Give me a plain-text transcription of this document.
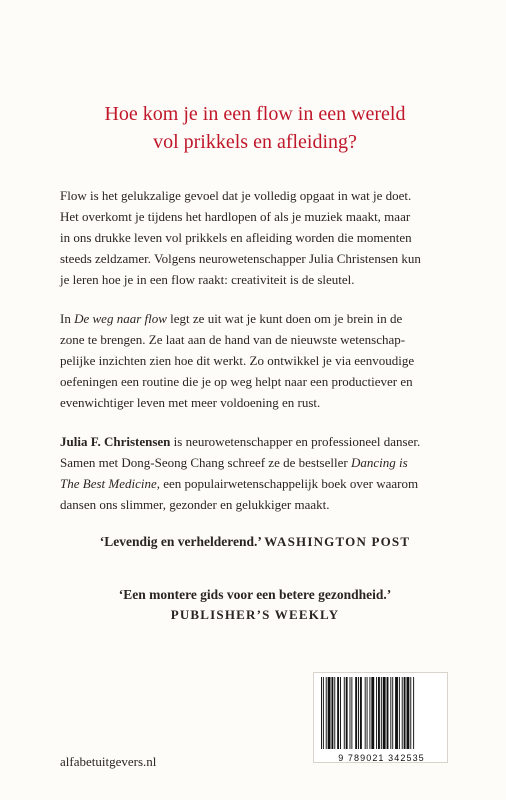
Hoe kom je in een flow in een wereld
vol prikkels en afleiding?
Flow is het gelukzalige gevoel dat je volledig opgaat in wat je doet.
Het overkomt je tijdens het hardlopen of als je muziek maakt, maar
in ons drukke leven vol prikkels en afleiding worden die momenten
steeds zeldzamer. Volgens neurowetenschapper Julia Christensen kun
je leren hoe je in een flow raakt: creativiteit is de sleutel.
In De weg naar flow legt ze uit wat je kunt doen om je brein in de
zone te brengen. Ze laat aan de hand van de nieuwste wetenschap-
pelijke inzichten zien hoe dit werkt. Zo ontwikkel je via eenvoudige
oefeningen een routine die je op weg helpt naar een productiever en
evenwichtiger leven met meer voldoening en rust.
Julia F. Christensen is neurowetenschapper en professioneel danser.
Samen met Dong-Seong Chang schreef ze de bestseller Dancing is
The Best Medicine, een populairwetenschappelijk boek over waarom
dansen ons slimmer, gezonder en gelukkiger maakt.
‘Levendig en verhelderend.’ WASHINGTON POST
‘Een montere gids voor een betere gezondheid.’
PUBLISHER’S WEEKLY
alfabetuitgevers.nl	9 789021 342535
